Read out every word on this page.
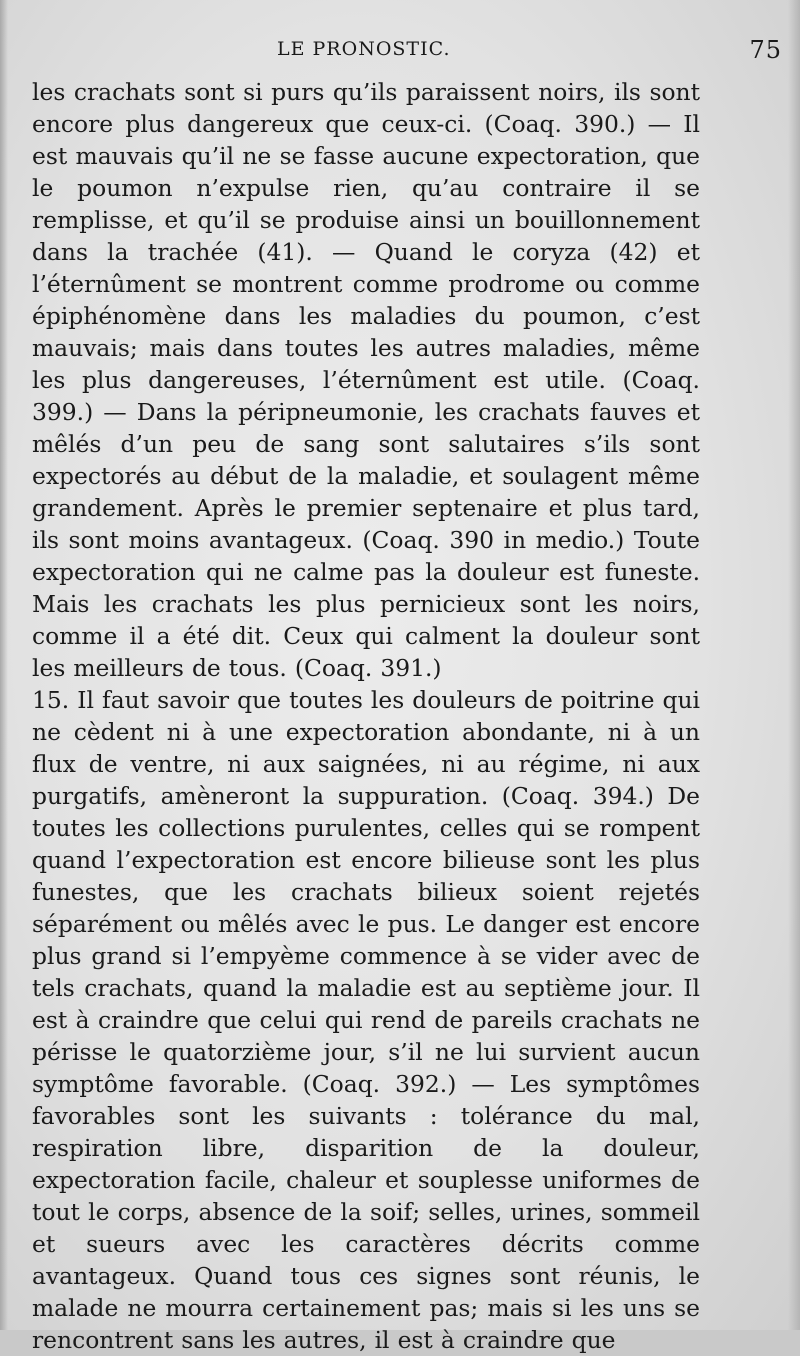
LE PRONOSTIC.	75

les crachats sont si purs qu’ils paraissent noirs, ils sont encore plus dangereux que ceux-ci. (Coaq. 390.) — Il est mauvais qu’il ne se fasse aucune expectoration, que le poumon n’expulse rien, qu’au contraire il se remplisse, et qu’il se produise ainsi un bouillonnement dans la trachée (41). — Quand le coryza (42) et l’éternûment se montrent comme prodrome ou comme épiphénomène dans les maladies du poumon, c’est mauvais; mais dans toutes les autres maladies, même les plus dangereuses, l’éternûment est utile. (Coaq. 399.) — Dans la péripneumonie, les crachats fauves et mêlés d’un peu de sang sont salutaires s’ils sont expectorés au début de la maladie, et soulagent même grandement. Après le premier septenaire et plus tard, ils sont moins avantageux. (Coaq. 390 in medio.) Toute expectoration qui ne calme pas la douleur est funeste. Mais les crachats les plus pernicieux sont les noirs, comme il a été dit. Ceux qui calment la douleur sont les meilleurs de tous. (Coaq. 391.)

15. Il faut savoir que toutes les douleurs de poitrine qui ne cèdent ni à une expectoration abondante, ni à un flux de ventre, ni aux saignées, ni au régime, ni aux purgatifs, amèneront la suppuration. (Coaq. 394.) De toutes les collections purulentes, celles qui se rompent quand l’expectoration est encore bilieuse sont les plus funestes, que les crachats bilieux soient rejetés séparément ou mêlés avec le pus. Le danger est encore plus grand si l’empyème commence à se vider avec de tels crachats, quand la maladie est au septième jour. Il est à craindre que celui qui rend de pareils crachats ne périsse le quatorzième jour, s’il ne lui survient aucun symptôme favorable. (Coaq. 392.) — Les symptômes favorables sont les suivants : tolérance du mal, respiration libre, disparition de la douleur, expectoration facile, chaleur et souplesse uniformes de tout le corps, absence de la soif; selles, urines, sommeil et sueurs avec les caractères décrits comme avantageux. Quand tous ces signes sont réunis, le malade ne mourra certainement pas; mais si les uns se rencontrent sans les autres, il est à craindre que
